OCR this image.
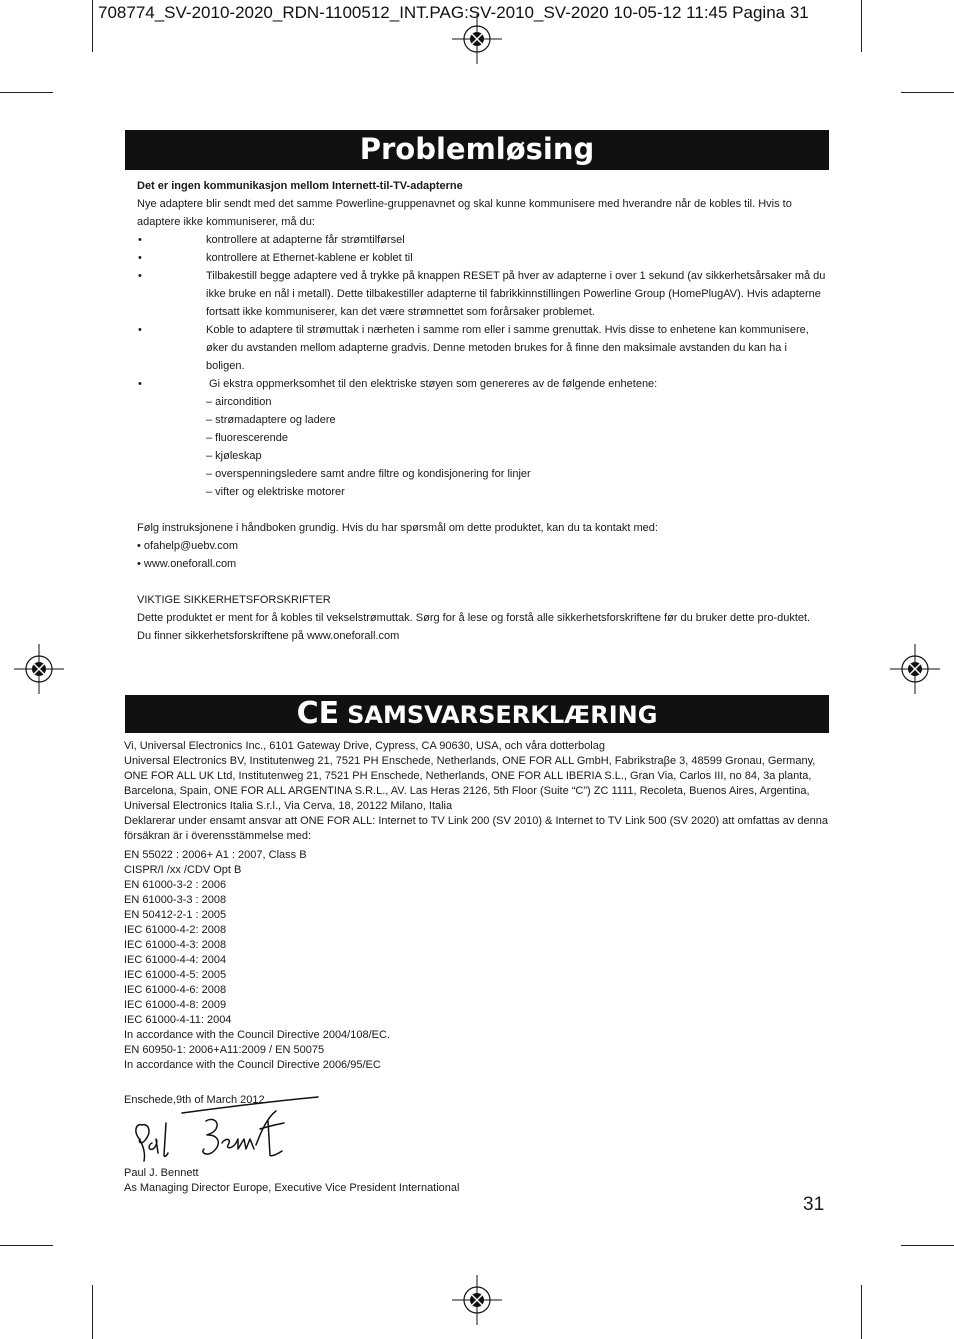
708774_SV-2010-2020_RDN-1100512_INT.PAG:SV-2010_SV-2020 10-05-12 11:45 Pagina 31
Problemløsing

Det er ingen kommunikasjon mellom Internett-til-TV-adapterne

Nye adaptere blir sendt med det samme Powerline-gruppenavnet og skal kunne kommunisere med hverandre når de kobles til. Hvis to adaptere ikke kommuniserer, må du:

•	kontrollere at adapterne får strømtilførsel
•	kontrollere at Ethernet-kablene er koblet til
•	Tilbakestill begge adaptere ved å trykke på knappen RESET på hver av adapterne i over 1 sekund (av sikkerhetsårsaker må du ikke bruke en nål i metall). Dette tilbakestiller adapterne til fabrikkinnstillingen Powerline Group (HomePlugAV). Hvis adapterne fortsatt ikke kommuniserer, kan det være strømnettet som forårsaker problemet.
•	Koble to adaptere til strømuttak i nærheten i samme rom eller i samme grenuttak. Hvis disse to enhetene kan kommunisere, øker du avstanden mellom adapterne gradvis. Denne metoden brukes for å finne den maksimale avstanden du kan ha i boligen.
•	Gi ekstra oppmerksomhet til den elektriske støyen som genereres av de følgende enhetene:
– aircondition
– strømadaptere og ladere
– fluorescerende
– kjøleskap
– overspenningsledere samt andre filtre og kondisjonering for linjer
– vifter og elektriske motorer

Følg instruksjonene i håndboken grundig. Hvis du har spørsmål om dette produktet, kan du ta kontakt med:

• ofahelp@uebv.com

• www.oneforall.com

VIKTIGE SIKKERHETSFORSKRIFTER

Dette produktet er ment for å kobles til vekselstrømuttak. Sørg for å lese og forstå alle sikkerhetsforskriftene før du bruker dette pro-duktet. Du finner sikkerhetsforskriftene på www.oneforall.com

CE SAMSVARSERKLÆRING

Vi, Universal Electronics Inc., 6101 Gateway Drive, Cypress, CA 90630, USA, och våra dotterbolag

Universal Electronics BV, Institutenweg 21, 7521 PH Enschede, Netherlands, ONE FOR ALL GmbH, Fabrikstraβe 3, 48599 Gronau, Germany, ONE FOR ALL UK Ltd, Institutenweg 21, 7521 PH Enschede, Netherlands, ONE FOR ALL IBERIA S.L., Gran Via, Carlos III, no 84, 3a planta, Barcelona, Spain, ONE FOR ALL ARGENTINA S.R.L., AV. Las Heras 2126, 5th Floor (Suite “C”) ZC 1111, Recoleta, Buenos Aires, Argentina, Universal Electronics Italia S.r.l., Via Cerva, 18, 20122 Milano, Italia

Deklarerar under ensamt ansvar att ONE FOR ALL: Internet to TV Link 200 (SV 2010) & Internet to TV Link 500 (SV 2020) att omfattas av denna försäkran är i överensstämmelse med:

EN 55022 : 2006+ A1 : 2007, Class B
CISPR/I /xx /CDV Opt B
EN 61000-3-2 : 2006
EN 61000-3-3 : 2008
EN 50412-2-1 : 2005
IEC 61000-4-2: 2008
IEC 61000-4-3: 2008
IEC 61000-4-4: 2004
IEC 61000-4-5: 2005
IEC 61000-4-6: 2008
IEC 61000-4-8: 2009
IEC 61000-4-11: 2004
In accordance with the Council Directive 2004/108/EC.
EN 60950-1: 2006+A11:2009 / EN 50075
In accordance with the Council Directive 2006/95/EC

Enschede,9th of March 2012

Paul J. Bennett
As Managing Director Europe, Executive Vice President International
31
